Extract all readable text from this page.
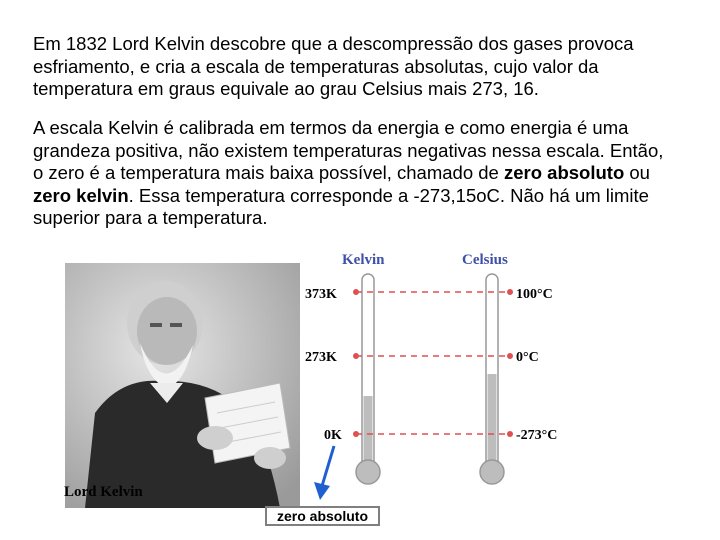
Em 1832 Lord Kelvin descobre que a descompressão dos gases provoca esfriamento, e cria a escala de temperaturas absolutas, cujo valor da temperatura em graus equivale ao grau Celsius mais 273, 16.

A escala Kelvin é calibrada em termos da energia e como energia é uma grandeza positiva, não existem temperaturas negativas nessa escala. Então, o zero é a temperatura mais baixa possível, chamado de zero absoluto ou zero kelvin. Essa temperatura corresponde a -273,15oC. Não há um limite superior para a temperatura.

Lord Kelvin
Kelvin	Celsius
373K
273K
0K
100°C
0°C
-273°C
zero absoluto
